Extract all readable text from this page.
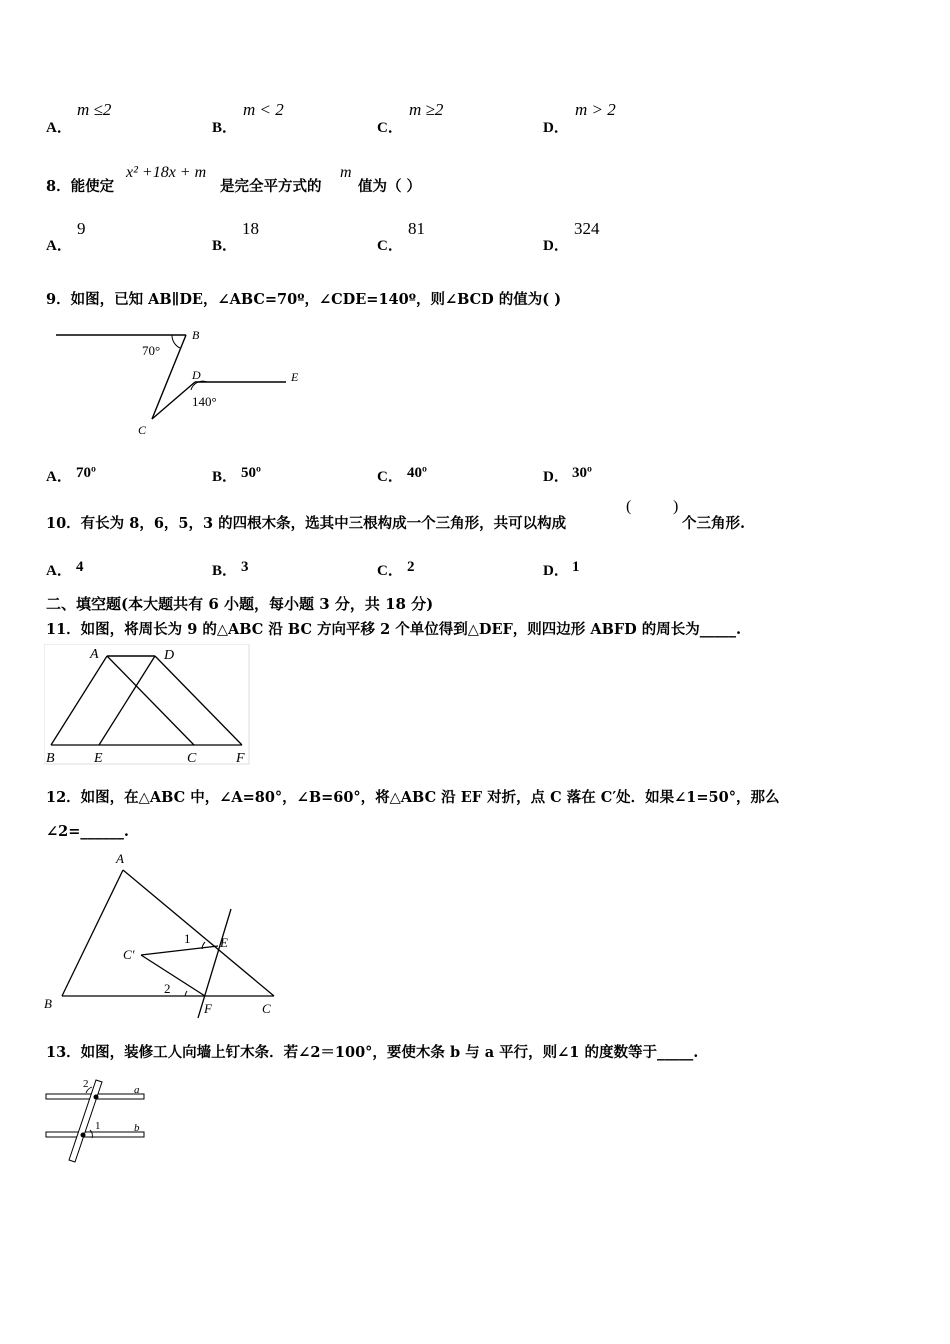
A．
m ≤2
B．
m < 2
C．
m ≥2
D．
m > 2
8．能使定
x² +18x + m
是完全平方式的
m
值为（ ）
A．
9
B．
18
C．
81
D．
324
9．如图，已知 AB∥DE，∠ABC=70º，∠CDE=140º，则∠BCD 的值为( )
B
70°
D	E
140°
C
A． 70º	B． 50º	C． 40º	D． 30º
10．有长为 8，6，5，3 的四根木条，选其中三根构成一个三角形，共可以构成
(	)
个三角形.
A． 4	B． 3	C． 2	D． 1
二、填空题(本大题共有 6 小题，每小题 3 分，共 18 分)
11．如图，将周长为 9 的△ABC 沿 BC 方向平移 2 个单位得到△DEF，则四边形 ABFD 的周长为_____.
A	D
B	E	C	F
12．如图，在△ABC 中，∠A=80°，∠B=60°，将△ABC 沿 EF 对折，点 C 落在 C′处．如果∠1=50°，那么
∠2=______.
A
B	C
C′
E
F
1
2
13．如图，装修工人向墙上钉木条．若∠2＝100°，要使木条 b 与 a 平行，则∠1 的度数等于_____.
2	a
1	b
